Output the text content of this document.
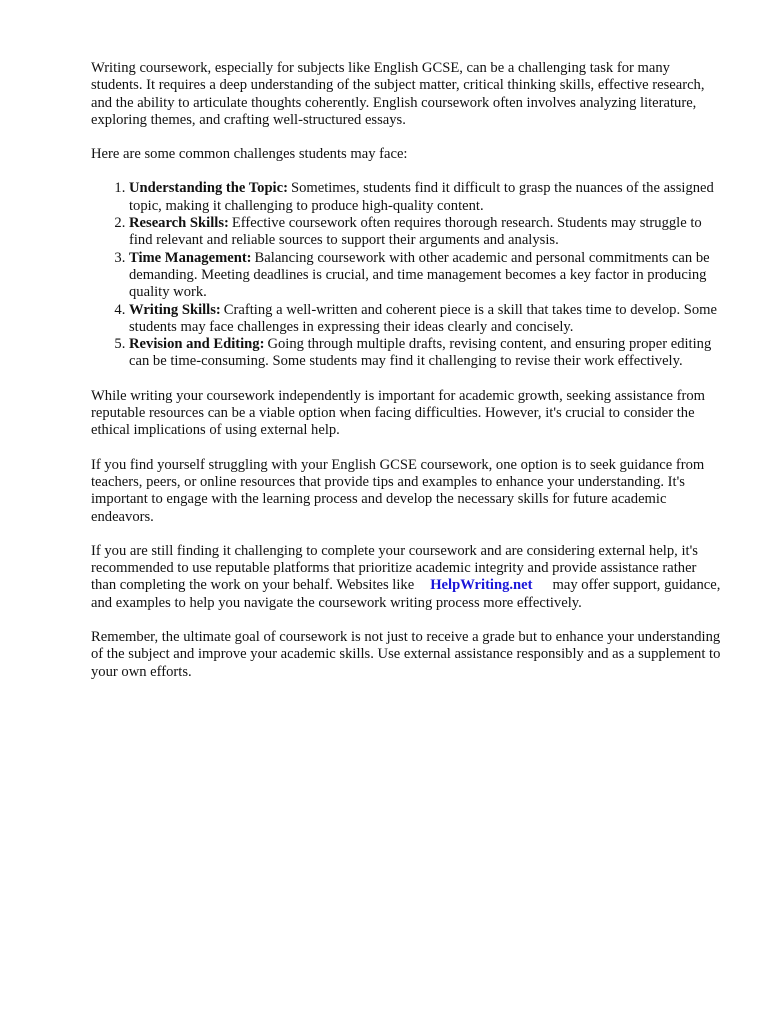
Writing coursework, especially for subjects like English GCSE, can be a challenging task for many students. It requires a deep understanding of the subject matter, critical thinking skills, effective research, and the ability to articulate thoughts coherently. English coursework often involves analyzing literature, exploring themes, and crafting well-structured essays.

Here are some common challenges students may face:

1. Understanding the Topic: Sometimes, students find it difficult to grasp the nuances of the assigned topic, making it challenging to produce high-quality content.
2. Research Skills: Effective coursework often requires thorough research. Students may struggle to find relevant and reliable sources to support their arguments and analysis.
3. Time Management: Balancing coursework with other academic and personal commitments can be demanding. Meeting deadlines is crucial, and time management becomes a key factor in producing quality work.
4. Writing Skills: Crafting a well-written and coherent piece is a skill that takes time to develop. Some students may face challenges in expressing their ideas clearly and concisely.
5. Revision and Editing: Going through multiple drafts, revising content, and ensuring proper editing can be time-consuming. Some students may find it challenging to revise their work effectively.

While writing your coursework independently is important for academic growth, seeking assistance from reputable resources can be a viable option when facing difficulties. However, it's crucial to consider the ethical implications of using external help.

If you find yourself struggling with your English GCSE coursework, one option is to seek guidance from teachers, peers, or online resources that provide tips and examples to enhance your understanding. It's important to engage with the learning process and develop the necessary skills for future academic endeavors.

If you are still finding it challenging to complete your coursework and are considering external help, it's recommended to use reputable platforms that prioritize academic integrity and provide assistance rather than completing the work on your behalf. Websites like HelpWriting.net may offer support, guidance, and examples to help you navigate the coursework writing process more effectively.

Remember, the ultimate goal of coursework is not just to receive a grade but to enhance your understanding of the subject and improve your academic skills. Use external assistance responsibly and as a supplement to your own efforts.
